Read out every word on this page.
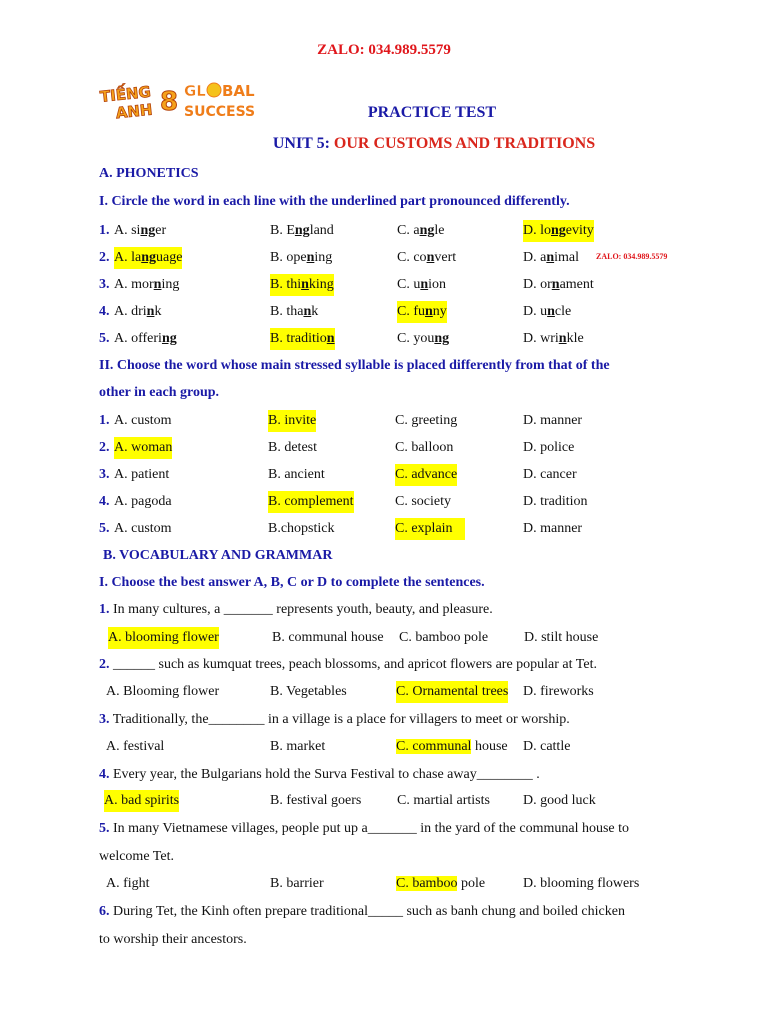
ZALO: 034.989.5579
TIẾNG
ANH 8 GL BAL
SUCCESS	PRACTICE TEST
UNIT 5: OUR CUSTOMS AND TRADITIONS
A. PHONETICS
I. Circle the word in each line with the underlined part pronounced differently.
1. A. singer	B. England	C. angle	D. longevity
2. A. language	B. opening	C. convert	D. animal
3. A. morning	B. thinking	C. union	D. ornament
4. A. drink	B. thank	C. funny	D. uncle
5. A. offering	B. tradition	C. young	D. wrinkle
ZALO: 034.989.5579
II. Choose the word whose main stressed syllable is placed differently from that of the
other in each group.
1. A. custom	B. invite	C. greeting	D. manner
2. A. woman	B. detest	C. balloon	D. police
3. A. patient	B. ancient	C. advance	D. cancer
4. A. pagoda	B. complement	C. society	D. tradition
5. A. custom	B.chopstick	C. explain	D. manner
B. VOCABULARY AND GRAMMAR
I. Choose the best answer A, B, C or D to complete the sentences.
1. In many cultures, a _______ represents youth, beauty, and pleasure.
A. blooming flower	B. communal house C. bamboo pole	D. stilt house
2. ______ such as kumquat trees, peach blossoms, and apricot flowers are popular at Tet.
A. Blooming flower	B. Vegetables	C. Ornamental trees D. fireworks
3. Traditionally, the________ in a village is a place for villagers to meet or worship.
A. festival	B. market	C. communal house D. cattle
4. Every year, the Bulgarians hold the Surva Festival to chase away________ .
A. bad spirits	B. festival goers	C. martial artists D. good luck
5. In many Vietnamese villages, people put up a_______ in the yard of the communal house to
welcome Tet.
A. fight	B. barrier	C. bamboo pole	D. blooming flowers
6. During Tet, the Kinh often prepare traditional_____ such as banh chung and boiled chicken
to worship their ancestors.
